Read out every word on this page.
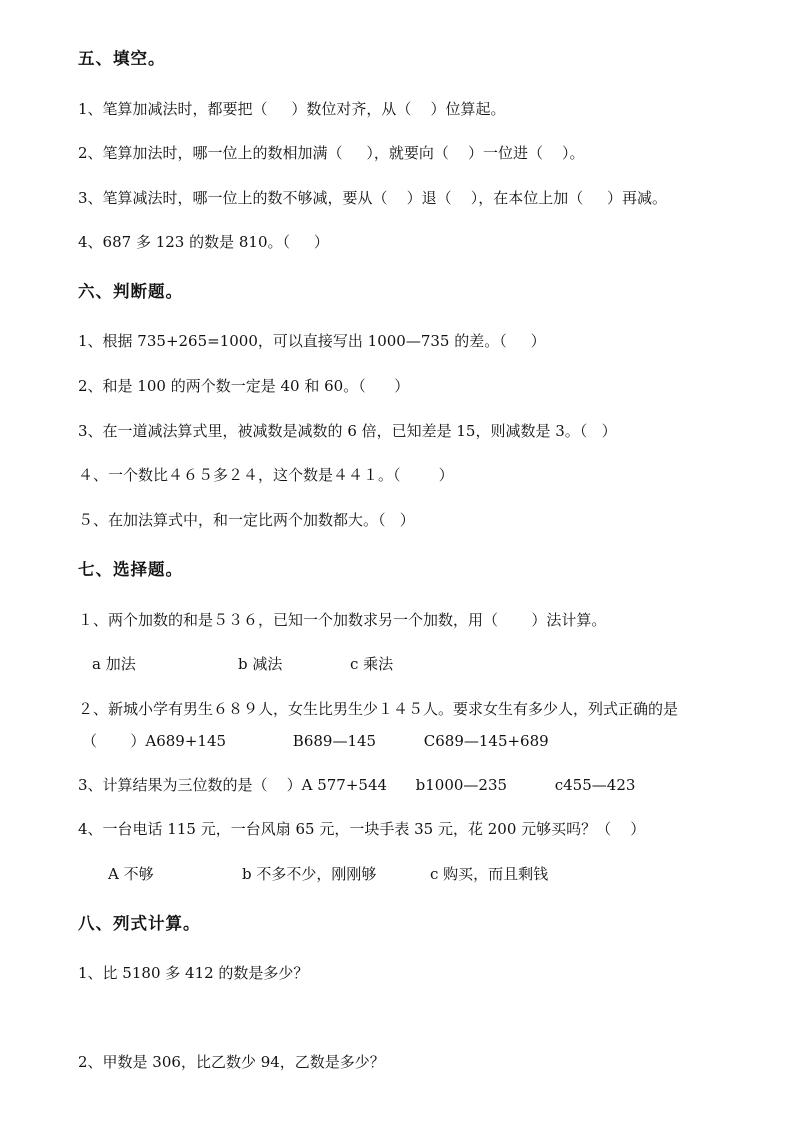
五、填空。
1、笔算加减法时，都要把（     ）数位对齐，从（    ）位算起。
2、笔算加法时，哪一位上的数相加满（     ），就要向（    ）一位进（    ）。
3、笔算减法时，哪一位上的数不够减，要从（    ）退（    ），在本位上加（     ）再减。
4、687 多 123 的数是 810。（     ）
六、判断题。
1、根据 735+265=1000，可以直接写出 1000—735 的差。（     ）
2、和是 100 的两个数一定是 40 和 60。（      ）
3、在一道减法算式里，被减数是减数的 6 倍，已知差是 15，则减数是 3。（   ）
４、一个数比４６５多２４，这个数是４４１。（        ）
５、在加法算式中，和一定比两个加数都大。（   ）
七、选择题。
１、两个加数的和是５３６，已知一个加数求另一个加数，用（       ）法计算。
a 加法	b 减法	c 乘法
２、新城小学有男生６８９人，女生比男生少１４５人。要求女生有多少人，列式正确的是
（       ）A689+145              B689—145          C689—145+689
3、计算结果为三位数的是（    ）A 577+544      b1000—235          c455—423
4、一台电话 115 元，一台风扇 65 元，一块手表 35 元，花 200 元够买吗？（    ）
A 不够	b 不多不少，刚刚够	c 购买，而且剩钱
八、列式计算。
1、比 5180 多 412 的数是多少？
2、甲数是 306，比乙数少 94，乙数是多少？
